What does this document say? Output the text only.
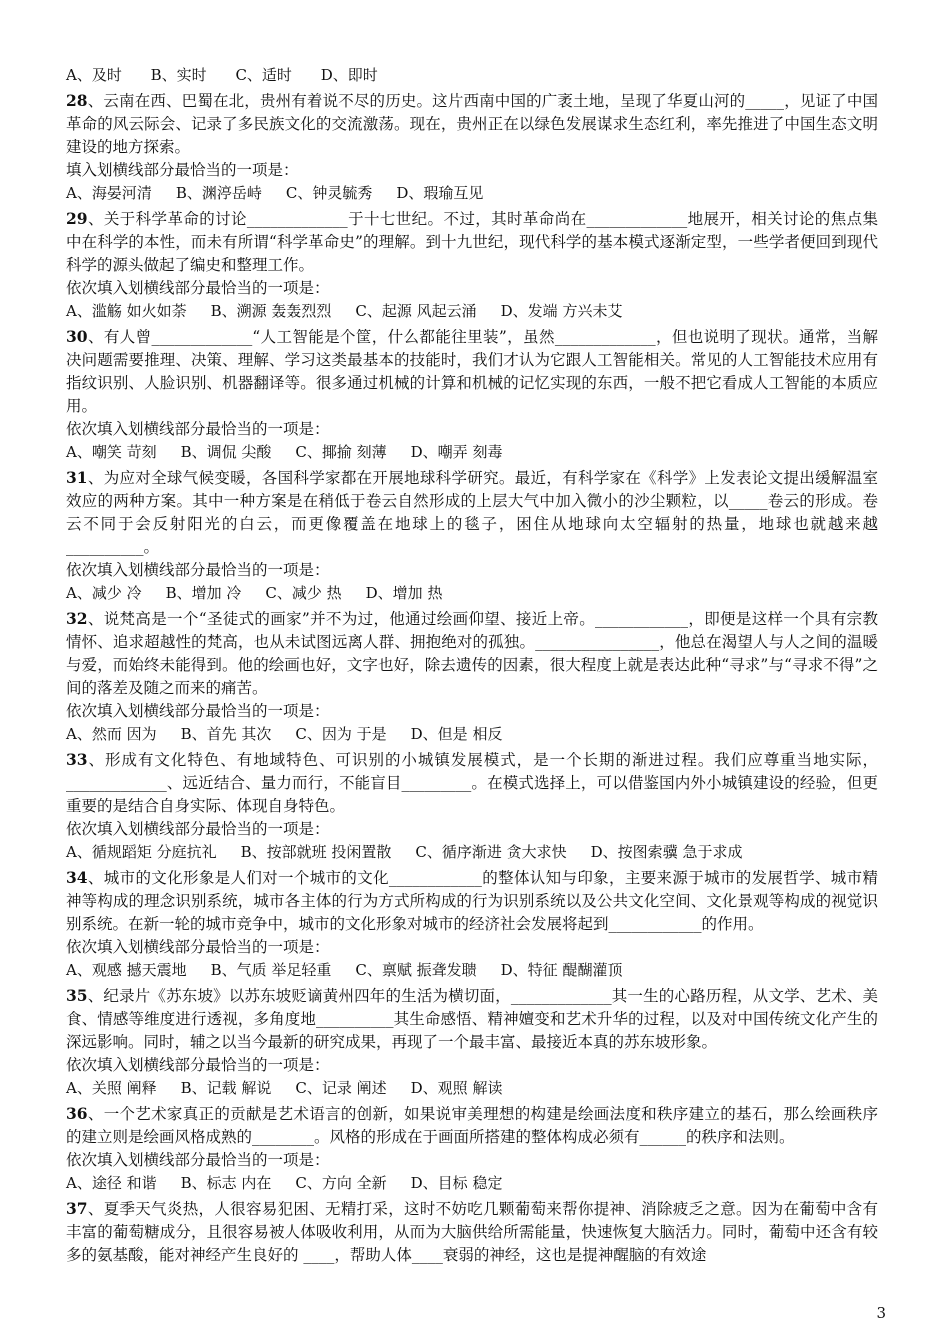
A、及时 B、实时 C、适时 D、即时
28、云南在西、巴蜀在北，贵州有着说不尽的历史。这片西南中国的广袤土地，呈现了华夏山河的_____，见证了中国革命的风云际会、记录了多民族文化的交流激荡。现在，贵州正在以绿色发展谋求生态红利，率先推进了中国生态文明建设的地方探索。
填入划横线部分最恰当的一项是：
A、海晏河清 B、渊渟岳峙 C、钟灵毓秀 D、瑕瑜互见
29、关于科学革命的讨论_____________于十七世纪。不过，其时革命尚在_____________地展开，相关讨论的焦点集中在科学的本性，而未有所谓“科学革命史”的理解。到十九世纪，现代科学的基本模式逐渐定型，一些学者便回到现代科学的源头做起了编史和整理工作。
依次填入划横线部分最恰当的一项是：
A、滥觞 如火如荼 B、溯源 轰轰烈烈 C、起源 风起云涌 D、发端 方兴未艾
30、有人曾_____________“人工智能是个筐，什么都能往里装”，虽然_____________，但也说明了现状。通常，当解决问题需要推理、决策、理解、学习这类最基本的技能时，我们才认为它跟人工智能相关。常见的人工智能技术应用有指纹识别、人脸识别、机器翻译等。很多通过机械的计算和机械的记忆实现的东西，一般不把它看成人工智能的本质应用。
依次填入划横线部分最恰当的一项是：
A、嘲笑 苛刻 B、调侃 尖酸 C、揶揄 刻薄 D、嘲弄 刻毒
31、为应对全球气候变暖，各国科学家都在开展地球科学研究。最近，有科学家在《科学》上发表论文提出缓解温室效应的两种方案。其中一种方案是在稍低于卷云自然形成的上层大气中加入微小的沙尘颗粒，以_____卷云的形成。卷云不同于会反射阳光的白云，而更像覆盖在地球上的毯子，困住从地球向太空辐射的热量，地球也就越来越__________。
依次填入划横线部分最恰当的一项是：
A、减少 冷 B、增加 冷 C、减少 热 D、增加 热
32、说梵高是一个“圣徒式的画家”并不为过，他通过绘画仰望、接近上帝。____________，即便是这样一个具有宗教情怀、追求超越性的梵高，也从未试图远离人群、拥抱绝对的孤独。________________，他总在渴望人与人之间的温暖与爱，而始终未能得到。他的绘画也好，文字也好，除去遗传的因素，很大程度上就是表达此种“寻求”与“寻求不得”之间的落差及随之而来的痛苦。
依次填入划横线部分最恰当的一项是：
A、然而 因为 B、首先 其次 C、因为 于是 D、但是 相反
33、形成有文化特色、有地域特色、可识别的小城镇发展模式，是一个长期的渐进过程。我们应尊重当地实际，_____________、远近结合、量力而行，不能盲目_________。在模式选择上，可以借鉴国内外小城镇建设的经验，但更重要的是结合自身实际、体现自身特色。
依次填入划横线部分最恰当的一项是：
A、循规蹈矩 分庭抗礼 B、按部就班 投闲置散 C、循序渐进 贪大求快 D、按图索骥 急于求成
34、城市的文化形象是人们对一个城市的文化____________的整体认知与印象，主要来源于城市的发展哲学、城市精神等构成的理念识别系统，城市各主体的行为方式所构成的行为识别系统以及公共文化空间、文化景观等构成的视觉识别系统。在新一轮的城市竞争中，城市的文化形象对城市的经济社会发展将起到____________的作用。
依次填入划横线部分最恰当的一项是：
A、观感 撼天震地 B、气质 举足轻重 C、禀赋 振聋发聩 D、特征 醍醐灌顶
35、纪录片《苏东坡》以苏东坡贬谪黄州四年的生活为横切面，_____________其一生的心路历程，从文学、艺术、美食、情感等维度进行透视，多角度地__________其生命感悟、精神嬗变和艺术升华的过程，以及对中国传统文化产生的深远影响。同时，辅之以当今最新的研究成果，再现了一个最丰富、最接近本真的苏东坡形象。
依次填入划横线部分最恰当的一项是：
A、关照 阐释 B、记载 解说 C、记录 阐述 D、观照 解读
36、一个艺术家真正的贡献是艺术语言的创新，如果说审美理想的构建是绘画法度和秩序建立的基石，那么绘画秩序的建立则是绘画风格成熟的________。风格的形成在于画面所搭建的整体构成必须有______的秩序和法则。
依次填入划横线部分最恰当的一项是：
A、途径 和谐 B、标志 内在 C、方向 全新 D、目标 稳定
37、夏季天气炎热，人很容易犯困、无精打采，这时不妨吃几颗葡萄来帮你提神、消除疲乏之意。因为在葡萄中含有丰富的葡萄糖成分，且很容易被人体吸收利用，从而为大脑供给所需能量，快速恢复大脑活力。同时，葡萄中还含有较多的氨基酸，能对神经产生良好的 ____，帮助人体____衰弱的神经，这也是提神醒脑的有效途
3
